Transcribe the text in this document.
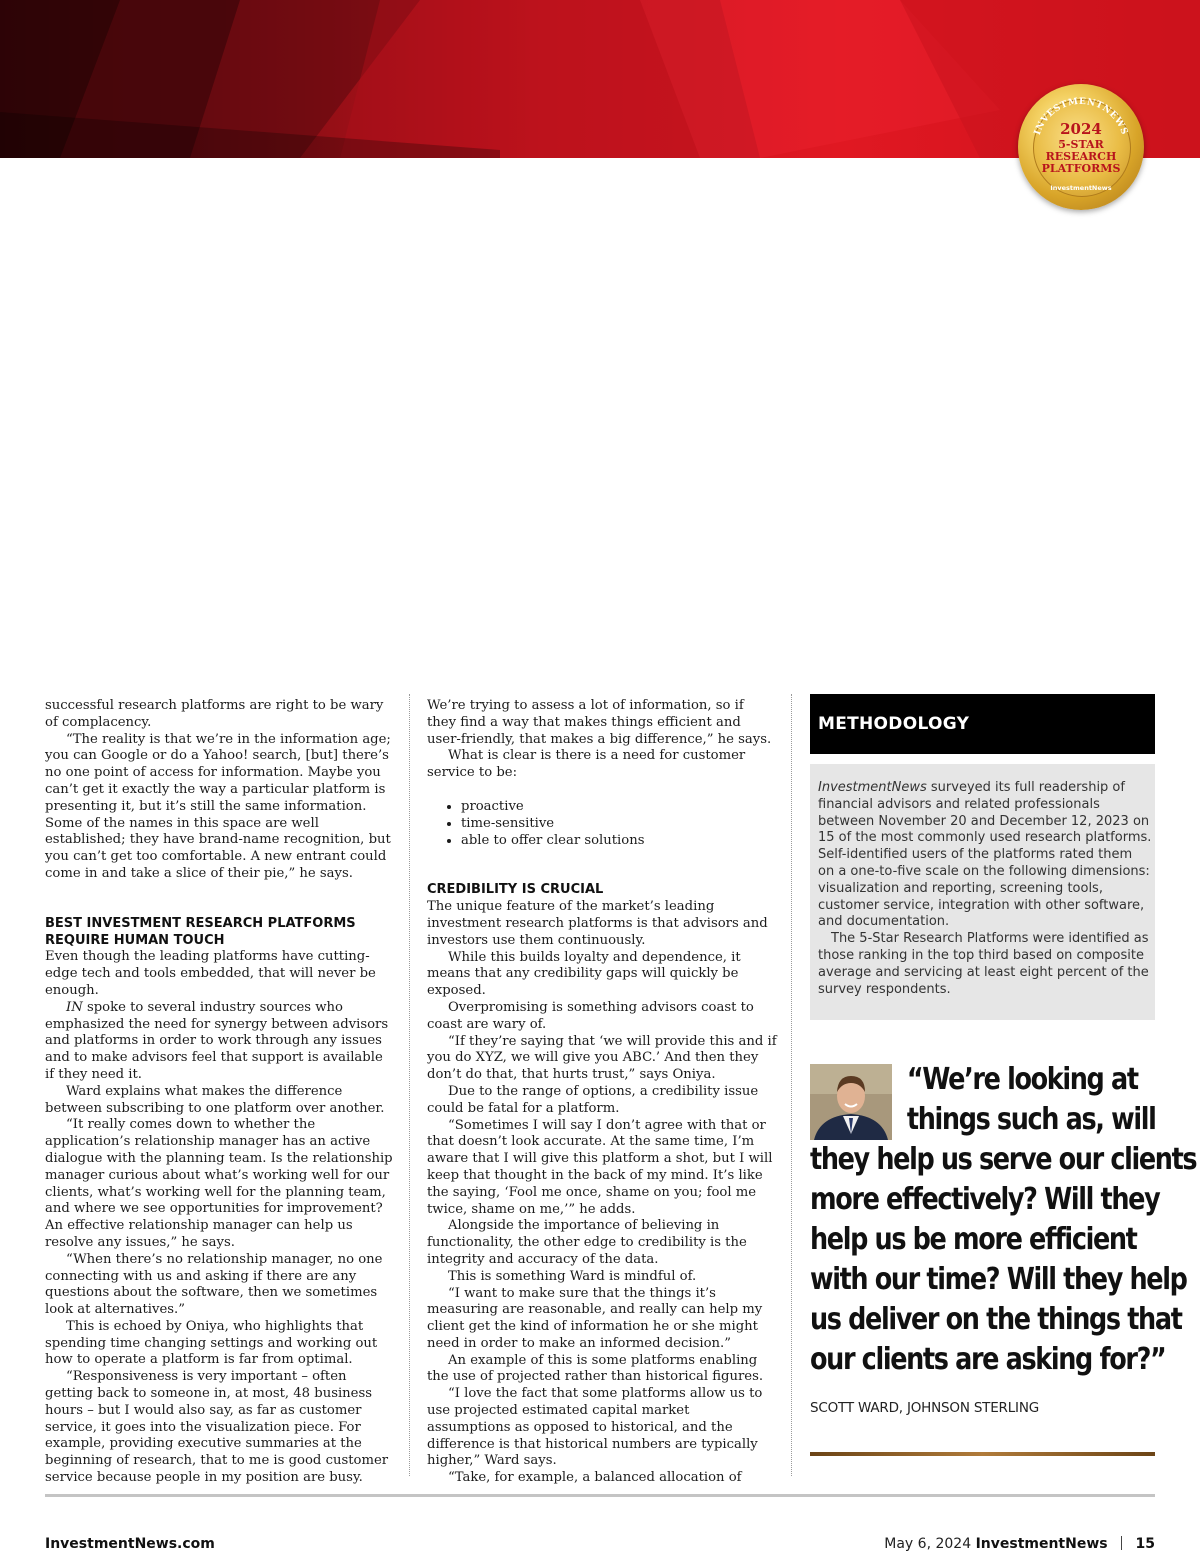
INVESTMENTNEWS
2024
5-STAR
RESEARCH
PLATFORMS
InvestmentNews

successful research platforms are right to be wary of complacency.

“The reality is that we’re in the information age; you can Google or do a Yahoo! search, [but] there’s no one point of access for information. Maybe you can’t get it exactly the way a particular platform is presenting it, but it’s still the same information. Some of the names in this space are well established; they have brand-name recognition, but you can’t get too comfortable. A new entrant could come in and take a slice of their pie,” he says.

BEST INVESTMENT RESEARCH PLATFORMS REQUIRE HUMAN TOUCH

Even though the leading platforms have cutting-edge tech and tools embedded, that will never be enough.

IN spoke to several industry sources who emphasized the need for synergy between advisors and platforms in order to work through any issues and to make advisors feel that support is available if they need it.

Ward explains what makes the difference between subscribing to one platform over another.

“It really comes down to whether the application’s relationship manager has an active dialogue with the planning team. Is the relationship manager curious about what’s working well for our clients, what’s working well for the planning team, and where we see opportunities for improvement? An effective relationship manager can help us resolve any issues,” he says.

“When there’s no relationship manager, no one connecting with us and asking if there are any questions about the software, then we sometimes look at alternatives.”

This is echoed by Oniya, who highlights that spending time changing settings and working out how to operate a platform is far from optimal.

“Responsiveness is very important – often getting back to someone in, at most, 48 business hours – but I would also say, as far as customer service, it goes into the visualization piece. For example, providing executive summaries at the beginning of research, that to me is good customer service because people in my position are busy.

We’re trying to assess a lot of information, so if they find a way that makes things efficient and user-friendly, that makes a big difference,” he says.

What is clear is there is a need for customer service to be:

• proactive
• time-sensitive
• able to offer clear solutions
CREDIBILITY IS CRUCIAL

The unique feature of the market’s leading investment research platforms is that advisors and investors use them continuously.

While this builds loyalty and dependence, it means that any credibility gaps will quickly be exposed.

Overpromising is something advisors coast to coast are wary of.

“If they’re saying that ‘we will provide this and if you do XYZ, we will give you ABC.’ And then they don’t do that, that hurts trust,” says Oniya.

Due to the range of options, a credibility issue could be fatal for a platform.

“Sometimes I will say I don’t agree with that or that doesn’t look accurate. At the same time, I’m aware that I will give this platform a shot, but I will keep that thought in the back of my mind. It’s like the saying, ‘Fool me once, shame on you; fool me twice, shame on me,’” he adds.

Alongside the importance of believing in functionality, the other edge to credibility is the integrity and accuracy of the data.

This is something Ward is mindful of.

“I want to make sure that the things it’s measuring are reasonable, and really can help my client get the kind of information he or she might need in order to make an informed decision.”

An example of this is some platforms enabling the use of projected rather than historical figures.

“I love the fact that some platforms allow us to use projected estimated capital market assumptions as opposed to historical, and the difference is that historical numbers are typically higher,” Ward says.

“Take, for example, a balanced allocation of

METHODOLOGY

InvestmentNews surveyed its full readership of financial advisors and related professionals between November 20 and December 12, 2023 on 15 of the most commonly used research platforms. Self-identified users of the platforms rated them on a one-to-five scale on the following dimensions: visualization and reporting, screening tools, customer service, integration with other software, and documentation.

The 5-Star Research Platforms were identified as those ranking in the top third based on composite average and servicing at least eight percent of the survey respondents.

“We’re looking at
things such as, will
they help us serve our clients
more effectively? Will they
help us be more efficient
with our time? Will they help
us deliver on the things that
our clients are asking for?”
SCOTT WARD, JOHNSON STERLING
InvestmentNews.com	May 6, 2024 InvestmentNews 15
